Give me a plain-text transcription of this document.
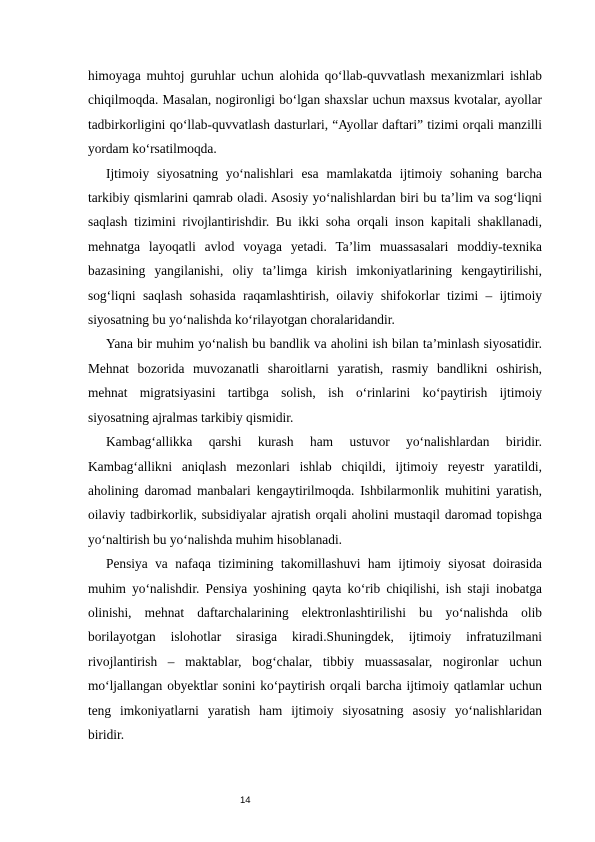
himoyaga muhtoj guruhlar uchun alohida qo‘llab-quvvatlash mexanizmlari ishlab chiqilmoqda. Masalan, nogironligi bo‘lgan shaxslar uchun maxsus kvotalar, ayollar tadbirkorligini qo‘llab-quvvatlash dasturlari, “Ayollar daftari” tizimi orqali manzilli yordam ko‘rsatilmoqda.

Ijtimoiy siyosatning yo‘nalishlari esa mamlakatda ijtimoiy sohaning barcha tarkibiy qismlarini qamrab oladi. Asosiy yo‘nalishlardan biri bu ta’lim va sog‘liqni saqlash tizimini rivojlantirishdir. Bu ikki soha orqali inson kapitali shakllanadi, mehnatga layoqatli avlod voyaga yetadi. Ta’lim muassasalari moddiy-texnika bazasining yangilanishi, oliy ta’limga kirish imkoniyatlarining kengaytirilishi, sog‘liqni saqlash sohasida raqamlashtirish, oilaviy shifokorlar tizimi – ijtimoiy siyosatning bu yo‘nalishda ko‘rilayotgan choralaridandir.

Yana bir muhim yo‘nalish bu bandlik va aholini ish bilan ta’minlash siyosatidir. Mehnat bozorida muvozanatli sharoitlarni yaratish, rasmiy bandlikni oshirish, mehnat migratsiyasini tartibga solish, ish o‘rinlarini ko‘paytirish ijtimoiy siyosatning ajralmas tarkibiy qismidir.

Kambag‘allikka qarshi kurash ham ustuvor yo‘nalishlardan biridir. Kambag‘allikni aniqlash mezonlari ishlab chiqildi, ijtimoiy reyestr yaratildi, aholining daromad manbalari kengaytirilmoqda. Ishbilarmonlik muhitini yaratish, oilaviy tadbirkorlik, subsidiyalar ajratish orqali aholini mustaqil daromad topishga yo‘naltirish bu yo‘nalishda muhim hisoblanadi.

Pensiya va nafaqa tizimining takomillashuvi ham ijtimoiy siyosat doirasida muhim yo‘nalishdir. Pensiya yoshining qayta ko‘rib chiqilishi, ish staji inobatga olinishi, mehnat daftarchalarining elektronlashtirilishi bu yo‘nalishda olib borilayotgan islohotlar sirasiga kiradi.Shuningdek, ijtimoiy infratuzilmani rivojlantirish – maktablar, bog‘chalar, tibbiy muassasalar, nogironlar uchun mo‘ljallangan obyektlar sonini ko‘paytirish orqali barcha ijtimoiy qatlamlar uchun teng imkoniyatlarni yaratish ham ijtimoiy siyosatning asosiy yo‘nalishlaridan biridir.

14
